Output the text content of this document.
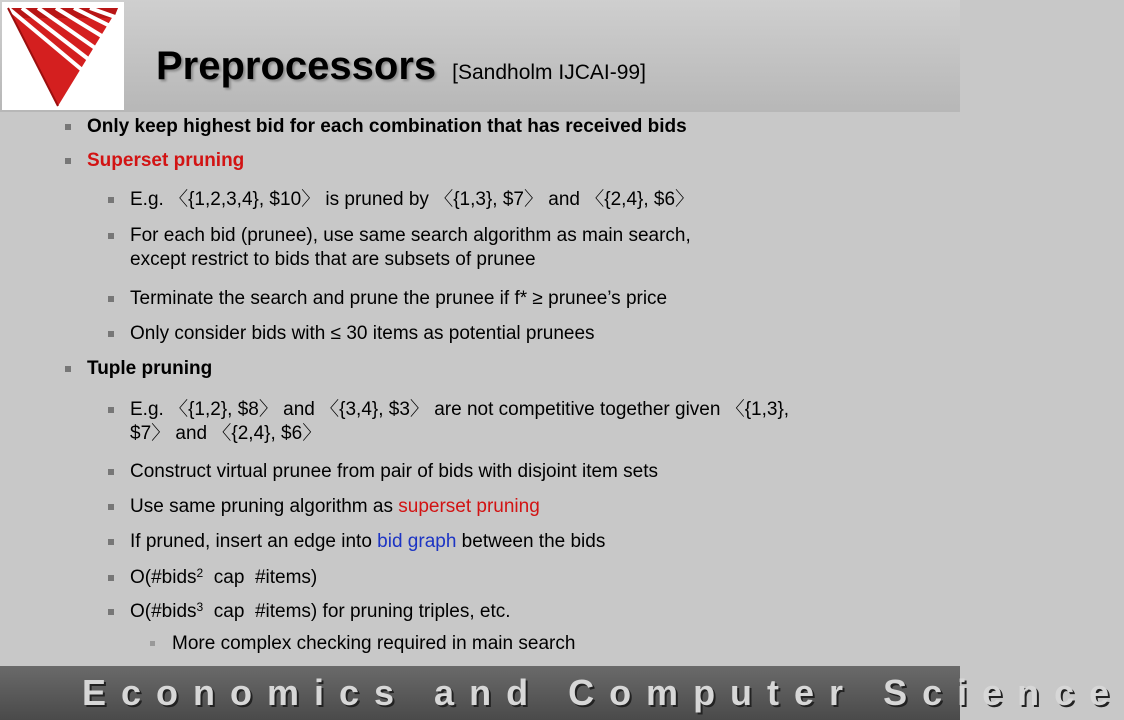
Preprocessors [Sandholm IJCAI-99]
Only keep highest bid for each combination that has received bids
Superset pruning
E.g. 〈{1,2,3,4}, $10〉 is pruned by 〈{1,3}, $7〉 and 〈{2,4}, $6〉
For each bid (prunee), use same search algorithm as main search,
except restrict to bids that are subsets of prunee
Terminate the search and prune the prunee if f* ≥ prunee’s price
Only consider bids with ≤ 30 items as potential prunees
Tuple pruning
E.g. 〈{1,2}, $8〉 and 〈{3,4}, $3〉 are not competitive together given 〈{1,3},
$7〉 and 〈{2,4}, $6〉
Construct virtual prunee from pair of bids with disjoint item sets
Use same pruning algorithm as superset pruning
If pruned, insert an edge into bid graph between the bids
O(#bids$^2$  cap  #items)
O(#bids$^3$  cap  #items) for pruning triples, etc.
More complex checking required in main search
Economics and Computer Science
